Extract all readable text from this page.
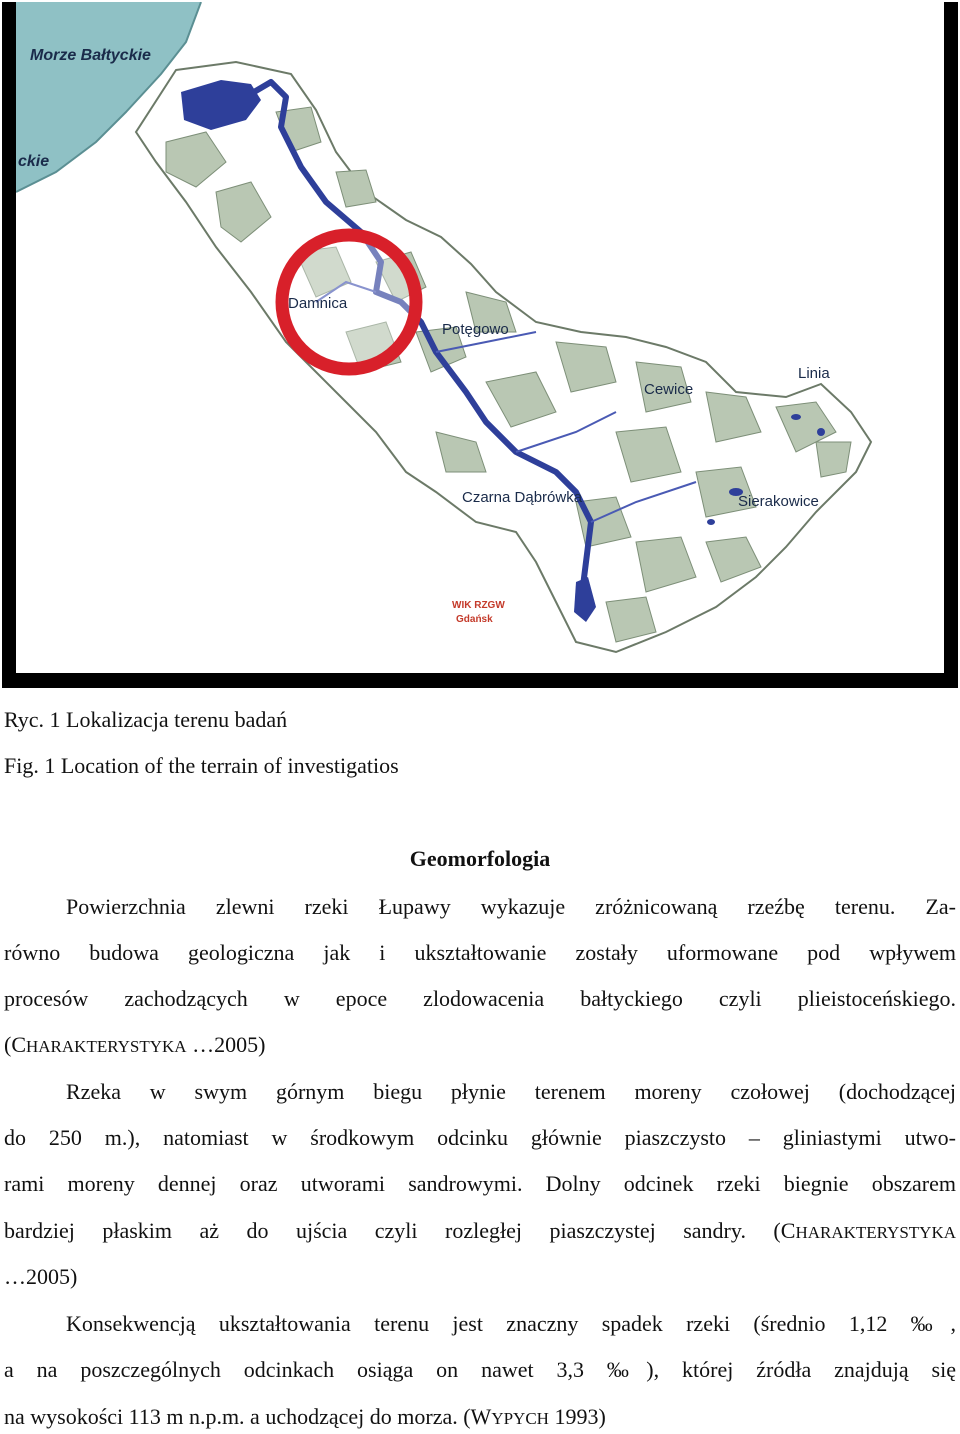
Morze Bałtyckie
ckie
Damnica
Potęgowo
Cewice
Linia
Czarna Dąbrówka	Sierakowice
WIK RZGW
Gdańsk
Ryc. 1 Lokalizacja terenu badań
Fig. 1 Location of the terrain of investigatios
Geomorfologia
Powierzchnia zlewni rzeki Łupawy wykazuje zróżnicowaną rzeźbę terenu. Za-
równo budowa geologiczna jak i ukształtowanie zostały uformowane pod wpływem
procesów zachodzących w epoce zlodowacenia bałtyckiego czyli plieistoceńskiego.
(CHARAKTERYSTYKA …2005)
Rzeka w swym górnym biegu płynie terenem moreny czołowej (dochodzącej
do 250 m.), natomiast w środkowym odcinku głównie piaszczysto – gliniastymi utwo-
rami moreny dennej oraz utworami sandrowymi. Dolny odcinek rzeki biegnie obszarem
bardziej płaskim aż do ujścia czyli rozległej piaszczystej sandry. (CHARAKTERYSTYKA
…2005)
Konsekwencją ukształtowania terenu jest znaczny spadek rzeki (średnio 1,12 ‰,
a na poszczególnych odcinkach osiąga on nawet 3,3 ‰), której źródła znajdują się
na wysokości 113 m n.p.m. a uchodzącej do morza. (WYPYCH 1993)
